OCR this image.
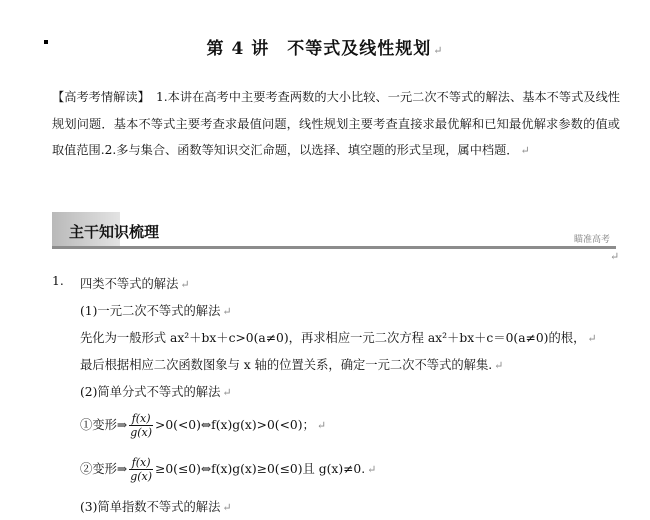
第 4 讲　不等式及线性规划 ↵
【高考考情解读】　1.本讲在高考中主要考查两数的大小比较、一元二次不等式的解法、基本不等式及线性规划问题．基本不等式主要考查求最值问题，线性规划主要考查直接求最优解和已知最优解求参数的值或取值范围.2.多与集合、函数等知识交汇命题，以选择、填空题的形式呈现，属中档题． ↵
主干知识梳理	瞄准高考
↵
1. 四类不等式的解法 ↵
(1)一元二次不等式的解法 ↵
先化为一般形式 ax²＋bx＋c>0(a≠0)，再求相应一元二次方程 ax²＋bx＋c＝0(a≠0)的根， ↵
最后根据相应二次函数图象与 x 轴的位置关系，确定一元二次不等式的解集. ↵
(2)简单分式不等式的解法 ↵
①变形⇒ $\frac{f(x)}{g(x)}$ >0(<0)⇔f(x)g(x)>0(<0)； ↵
②变形⇒ $\frac{f(x)}{g(x)}$ ≥0(≤0)⇔f(x)g(x)≥0(≤0)且 g(x)≠0. ↵
(3)简单指数不等式的解法 ↵
